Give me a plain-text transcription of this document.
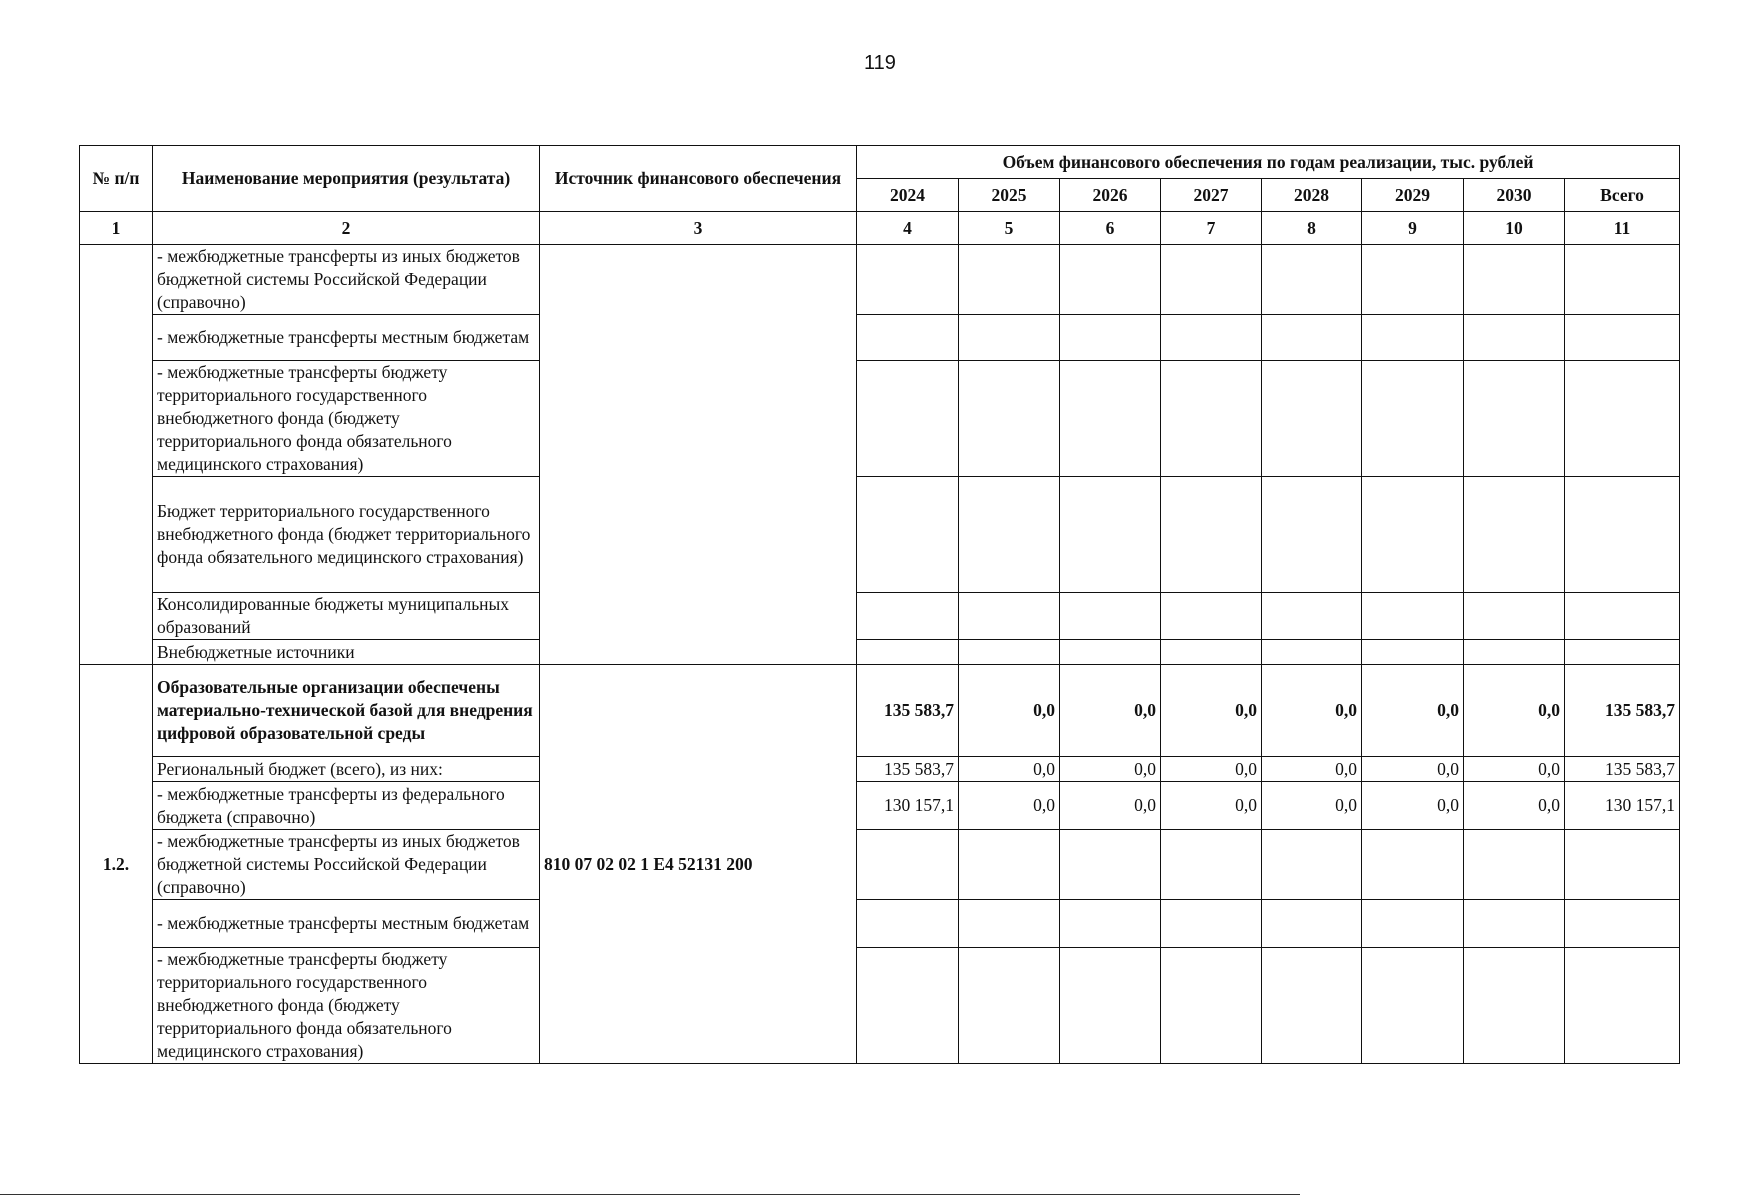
119
№ п/п	Наименование мероприятия (результата)	Источник финансового обеспечения	Объем финансового обеспечения по годам реализации, тыс. рублей							
			2024	2025	2026	2027	2028	2029	2030	Всего
1	2	3	4	5	6	7	8	9	10	11
	- межбюджетные трансферты из иных бюджетов бюджетной системы Российской Федерации (справочно)									
	- межбюджетные трансферты местным бюджетам									
	- межбюджетные трансферты бюджету территориального государственного внебюджетного фонда (бюджету территориального фонда обязательного медицинского страхования)									
	Бюджет территориального государственного внебюджетного фонда (бюджет территориального фонда обязательного медицинского страхования)									
	Консолидированные бюджеты муниципальных образований									
	Внебюджетные источники									
1.2.	Образовательные организации обеспечены материально-технической базой для внедрения цифровой образовательной среды	810 07 02 02 1 Е4 52131 200	135 583,7	0,0	0,0	0,0	0,0	0,0	0,0	135 583,7
	Региональный бюджет (всего), из них:		135 583,7	0,0	0,0	0,0	0,0	0,0	0,0	135 583,7
	- межбюджетные трансферты из федерального бюджета (справочно)		130 157,1	0,0	0,0	0,0	0,0	0,0	0,0	130 157,1
	- межбюджетные трансферты из иных бюджетов бюджетной системы Российской Федерации (справочно)									
	- межбюджетные трансферты местным бюджетам									
	- межбюджетные трансферты бюджету территориального государственного внебюджетного фонда (бюджету территориального фонда обязательного медицинского страхования)									
